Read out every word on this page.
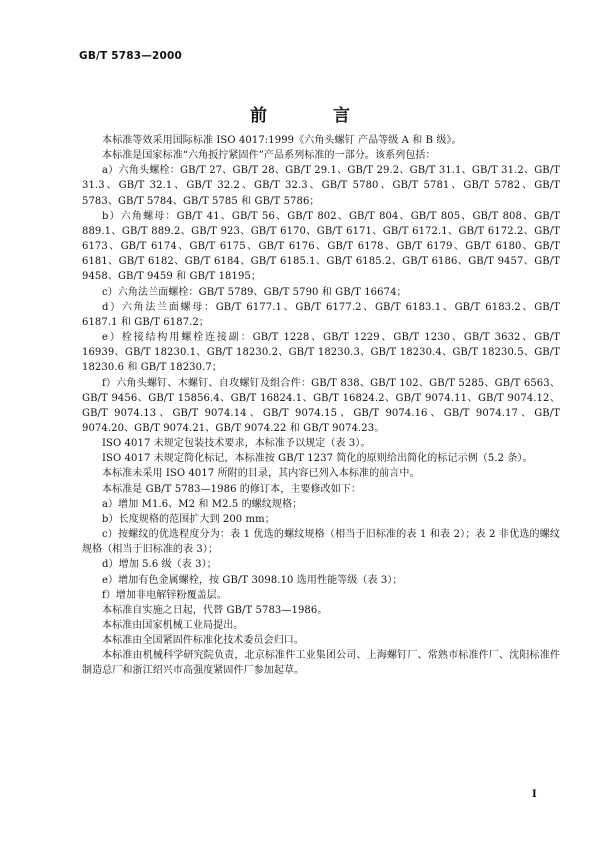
GB/T 5783—2000
前 言

本标准等效采用国际标准 ISO 4017:1999《六角头螺钉 产品等级 A 和 B 级》。

本标准是国家标准“六角扳拧紧固件”产品系列标准的一部分。该系列包括：

a）六角头螺栓：GB/T 27、GB/T 28、GB/T 29.1、GB/T 29.2、GB/T 31.1、GB/T 31.2、GB/T 31.3、GB/T 32.1、GB/T 32.2、GB/T 32.3、GB/T 5780、GB/T 5781、GB/T 5782、GB/T 5783、GB/T 5784、GB/T 5785 和 GB/T 5786；

b）六角螺母：GB/T 41、GB/T 56、GB/T 802、GB/T 804、GB/T 805、GB/T 808、GB/T 889.1、GB/T 889.2、GB/T 923、GB/T 6170、GB/T 6171、GB/T 6172.1、GB/T 6172.2、GB/T 6173、GB/T 6174、GB/T 6175、GB/T 6176、GB/T 6178、GB/T 6179、GB/T 6180、GB/T 6181、GB/T 6182、GB/T 6184、GB/T 6185.1、GB/T 6185.2、GB/T 6186、GB/T 9457、GB/T 9458、GB/T 9459 和 GB/T 18195；

c）六角法兰面螺栓：GB/T 5789、GB/T 5790 和 GB/T 16674；

d）六角法兰面螺母：GB/T 6177.1、GB/T 6177.2、GB/T 6183.1、GB/T 6183.2、GB/T 6187.1 和 GB/T 6187.2；

e）栓接结构用螺栓连接副：GB/T 1228、GB/T 1229、GB/T 1230、GB/T 3632、GB/T 16939、GB/T 18230.1、GB/T 18230.2、GB/T 18230.3、GB/T 18230.4、GB/T 18230.5、GB/T 18230.6 和 GB/T 18230.7；

f）六角头螺钉、木螺钉、自攻螺钉及组合件：GB/T 838、GB/T 102、GB/T 5285、GB/T 6563、GB/T 9456、GB/T 15856.4、GB/T 16824.1、GB/T 16824.2、GB/T 9074.11、GB/T 9074.12、GB/T 9074.13、GB/T 9074.14、GB/T 9074.15、GB/T 9074.16、GB/T 9074.17、GB/T 9074.20、GB/T 9074.21、GB/T 9074.22 和 GB/T 9074.23。

ISO 4017 未规定包装技术要求，本标准予以规定（表 3）。

ISO 4017 未规定简化标记，本标准按 GB/T 1237 简化的原则给出简化的标记示例（5.2 条）。

本标准未采用 ISO 4017 所附的目录，其内容已列入本标准的前言中。

本标准是 GB/T 5783—1986 的修订本，主要修改如下：

a）增加 M1.6、M2 和 M2.5 的螺纹规格；

b）长度规格的范围扩大到 200 mm；

c）按螺纹的优选程度分为：表 1 优选的螺纹规格（相当于旧标准的表 1 和表 2）；表 2 非优选的螺纹规格（相当于旧标准的表 3）；

d）增加 5.6 级（表 3）；

e）增加有色金属螺栓，按 GB/T 3098.10 选用性能等级（表 3）；

f）增加非电解锌粉覆盖层。

本标准自实施之日起，代替 GB/T 5783—1986。

本标准由国家机械工业局提出。

本标准由全国紧固件标准化技术委员会归口。

本标准由机械科学研究院负责，北京标准件工业集团公司、上海螺钉厂、常熟市标准件厂、沈阳标准件制造总厂和浙江绍兴市高强度紧固件厂参加起草。

I
